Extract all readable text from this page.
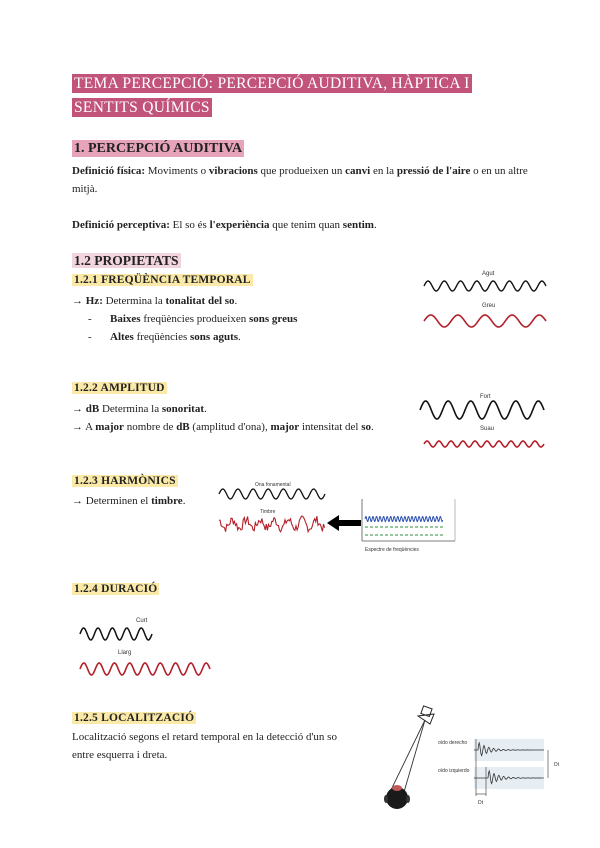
TEMA PERCEPCIÓ: PERCEPCIÓ AUDITIVA, HÀPTICA I
SENTITS QUÍMICS
1. PERCEPCIÓ AUDITIVA
Definició física: Moviments o vibracions que produeixen un canvi en la pressió de l'aire o en un altre mitjà.
Definició perceptiva: El so és l'experiència que tenim quan sentim.
1.2 PROPIETATS
1.2.1 FREQÜÈNCIA TEMPORAL
→ Hz: Determina la tonalitat del so.
- Baixes freqüències produeixen sons greus
- Altes freqüències sons aguts.
Agut
Greu
1.2.2 AMPLITUD
→ dB Determina la sonoritat.
→ A major nombre de dB (amplitud d'ona), major intensitat del so.
Fort
Suau
1.2.3 HARMÒNICS
→ Determinen el timbre.
Ona fonamental
Timbre
Espectre de freqüències
1.2.4 DURACIÓ
Curt
Llarg
1.2.5 LOCALITZACIÓ
Localització segons el retard temporal en la detecció d'un so
entre esquerra i dreta.
oïdo derecho
oïdo izquierdo
Dt
Dt
